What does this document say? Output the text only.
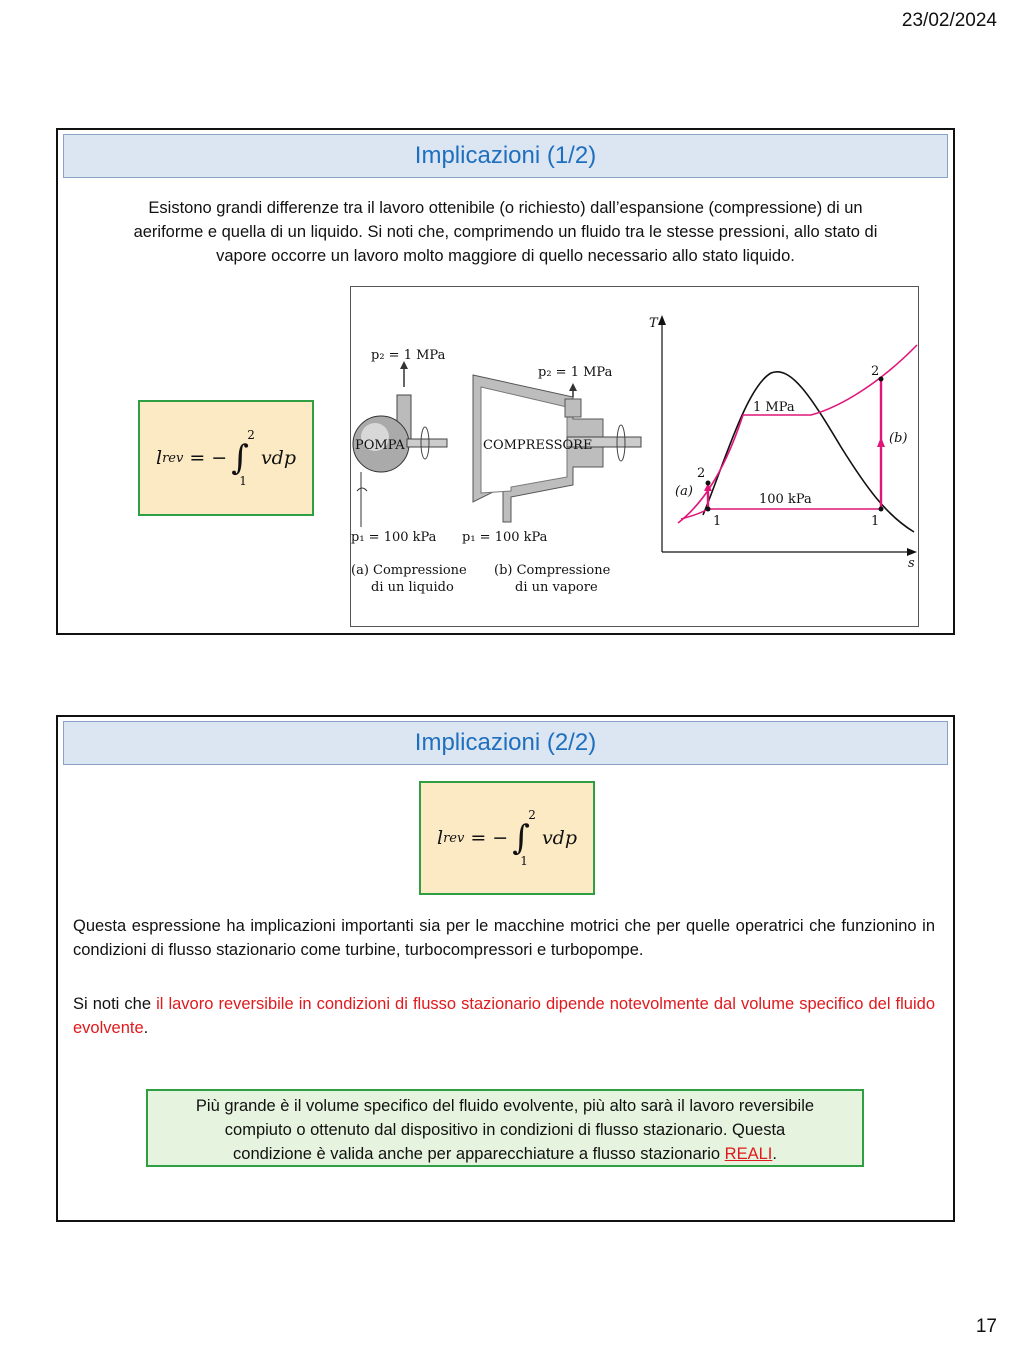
23/02/2024
Implicazioni (1/2)
Esistono grandi differenze tra il lavoro ottenibile (o richiesto) dall’espansione (compressione) di un
aeriforme e quella di un liquido. Si noti che, comprimendo un fluido tra le stesse pressioni, allo stato di
vapore occorre un lavoro molto maggiore di quello necessario allo stato liquido.
l rev = − ∫
2
1
vdp
POMPA
p₂ = 1 MPa
p₁ = 100 kPa
(a) Compressione
di un liquido
COMPRESSORE
p₂ = 1 MPa
p₁ = 100 kPa
(b) Compressione
di un vapore
T
s
1 MPa
100 kPa
(a)
(b)
2
1	1
2
Implicazioni (2/2)
l rev = − ∫
2
1
vdp
Questa espressione ha implicazioni importanti sia per le macchine motrici che per quelle operatrici che funzionino in condizioni di flusso stazionario come turbine, turbocompressori e turbopompe.
Si noti che il lavoro reversibile in condizioni di flusso stazionario dipende notevolmente dal volume specifico del fluido evolvente.
Più grande è il volume specifico del fluido evolvente, più alto sarà il lavoro reversibile
compiuto o ottenuto dal dispositivo in condizioni di flusso stazionario. Questa
condizione è valida anche per apparecchiature a flusso stazionario REALI.
17
